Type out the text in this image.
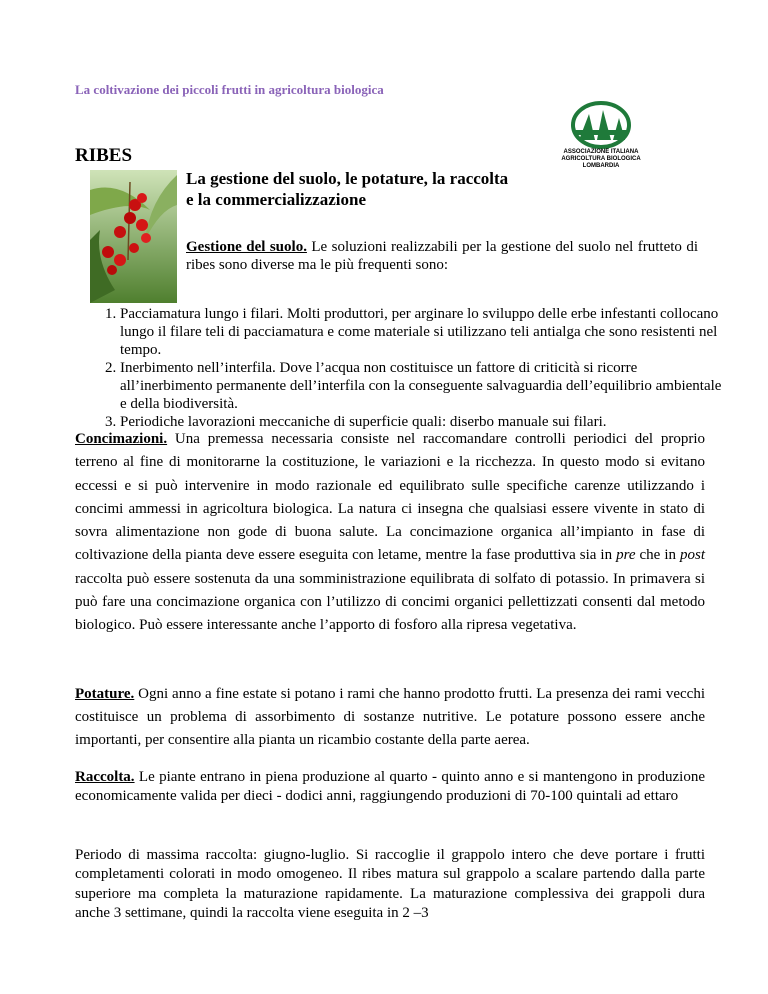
La coltivazione dei piccoli frutti in agricoltura biologica
ASSOCIAZIONE ITALIANA
AGRICOLTURA BIOLOGICA
LOMBARDIA
RIBES
La gestione del suolo, le potature, la raccolta
e la commercializzazione
Gestione del suolo. Le soluzioni realizzabili per la gestione del suolo nel frutteto di ribes sono diverse ma le più frequenti sono:
1. Pacciamatura lungo i filari. Molti produttori, per arginare lo sviluppo delle erbe infestanti collocano lungo il filare teli di pacciamatura e come materiale si utilizzano teli antialga che sono resistenti nel tempo.
2. Inerbimento nell’interfila. Dove l’acqua non costituisce un fattore di criticità si ricorre all’inerbimento permanente dell’interfila con la conseguente salvaguardia dell’equilibrio ambientale e della biodiversità.
3. Periodiche lavorazioni meccaniche di superficie quali: diserbo manuale sui filari.

Concimazioni. Una premessa necessaria consiste nel raccomandare controlli periodici del proprio terreno al fine di monitorarne la costituzione, le variazioni e la ricchezza. In questo modo si evitano eccessi e si può intervenire in modo razionale ed equilibrato sulle specifiche carenze utilizzando i concimi ammessi in agricoltura biologica. La natura ci insegna che qualsiasi essere vivente in stato di sovra alimentazione non gode di buona salute. La concimazione organica all’impianto in fase di coltivazione della pianta deve essere eseguita con letame, mentre la fase produttiva sia in pre che in post raccolta può essere sostenuta da una somministrazione equilibrata di solfato di potassio. In primavera si può fare una concimazione organica con l’utilizzo di concimi organici pellettizzati consenti dal metodo biologico. Può essere interessante anche l’apporto di fosforo alla ripresa vegetativa.

Potature. Ogni anno a fine estate si potano i rami che hanno prodotto frutti. La presenza dei rami vecchi costituisce un problema di assorbimento di sostanze nutritive. Le potature possono essere anche importanti, per consentire alla pianta un ricambio costante della parte aerea.

Raccolta. Le piante entrano in piena produzione al quarto - quinto anno e si mantengono in produzione economicamente valida per dieci - dodici anni, raggiungendo produzioni di 70-100 quintali ad ettaro

Periodo di massima raccolta: giugno-luglio. Si raccoglie il grappolo intero che deve portare i frutti completamenti colorati in modo omogeneo. Il ribes matura sul grappolo a scalare partendo dalla parte superiore ma completa la maturazione rapidamente. La maturazione complessiva dei grappoli dura anche 3 settimane, quindi la raccolta viene eseguita in 2 –3
